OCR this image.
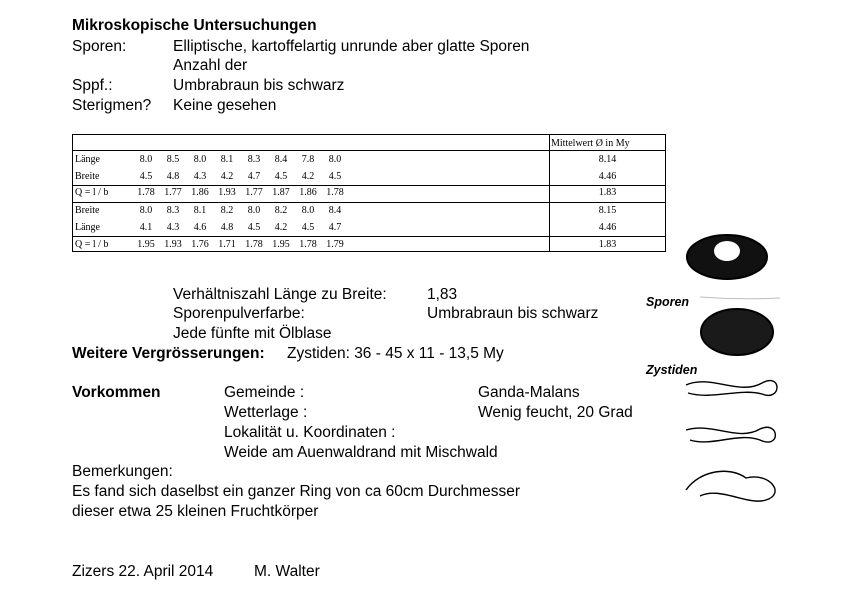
Mikroskopische Untersuchungen
Sporen:	Elliptische, kartoffelartig unrunde aber glatte Sporen
Anzahl der
Sppf.:	Umbrabraun bis schwarz
Sterigmen? Keine gesehen
Mittelwert Ø in My
Länge	8.0	8.5	8.0	8.1	8.3	8.4	7.8	8.0	8.14
Breite	4.5	4.8	4.3	4.2	4.7	4.5	4.2	4.5	4.46
Q = l / b	1.78 1.77 1.86 1.93 1.77 1.87 1.86 1.78	1.83
Breite	8.0	8.3	8.1	8.2	8.0	8.2	8.0	8.4	8.15
Länge	4.1	4.3	4.6	4.8	4.5	4.2	4.5	4.7	4.46
Q = l / b	1.95 1.93 1.76 1.71 1.78 1.95 1.78 1.79	1.83
Verhältniszahl Länge zu Breite:	1,83
Sporenpulverfarbe:	Umbrabraun bis schwarz
Jede fünfte mit Ölblase
Weitere Vergrösserungen: Zystiden: 36 - 45 x 11 - 13,5 My
Vorkommen	Gemeinde :	Ganda-Malans
Wetterlage :	Wenig feucht, 20 Grad
Lokalität u. Koordinaten :
Weide am Auenwaldrand mit Mischwald
Bemerkungen:
Es fand sich daselbst ein ganzer Ring von ca 60cm Durchmesser
dieser etwa 25 kleinen Fruchtkörper
Zizers 22. April 2014	M. Walter
Sporen
Zystiden
